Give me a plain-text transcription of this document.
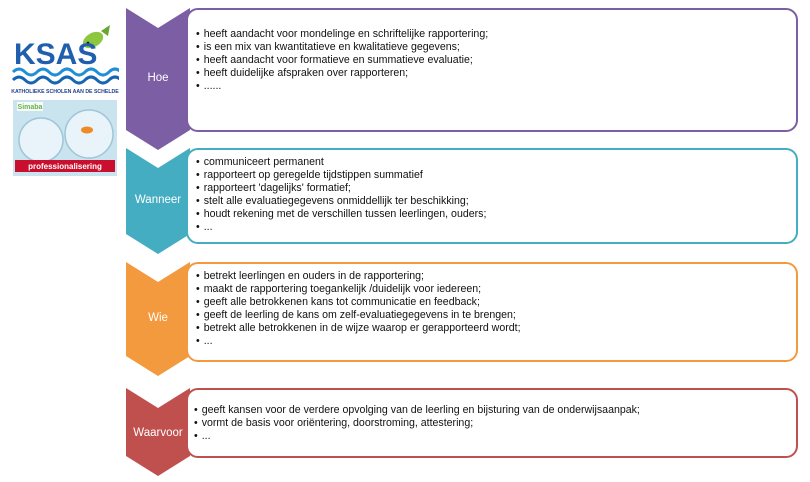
KSAS
KATHOLIEKE SCHOLEN AAN DE SCHELDE
Simaba
professionalisering
Hoe
• heeft aandacht voor mondelinge en schriftelijke rapportering;
• is een mix van kwantitatieve en kwalitatieve gegevens;
• heeft aandacht voor formatieve en summatieve evaluatie;
• heeft duidelijke afspraken over rapporteren;
• ......
Wanneer
• communiceert permanent
• rapporteert op geregelde tijdstippen summatief
• rapporteert 'dagelijks' formatief;
• stelt alle evaluatiegegevens onmiddellijk ter beschikking;
• houdt rekening met de verschillen tussen leerlingen, ouders;
• ...
Wie
• betrekt leerlingen en ouders in de rapportering;
• maakt de rapportering toegankelijk /duidelijk voor iedereen;
• geeft alle betrokkenen kans tot communicatie en feedback;
• geeft de leerling de kans om zelf-evaluatiegegevens in te brengen;
• betrekt alle betrokkenen in de wijze waarop er gerapporteerd wordt;
• ...
Waarvoor
• geeft kansen voor de verdere opvolging van de leerling en bijsturing van de onderwijsaanpak;
• vormt de basis voor oriëntering, doorstroming, attestering;
• ...
